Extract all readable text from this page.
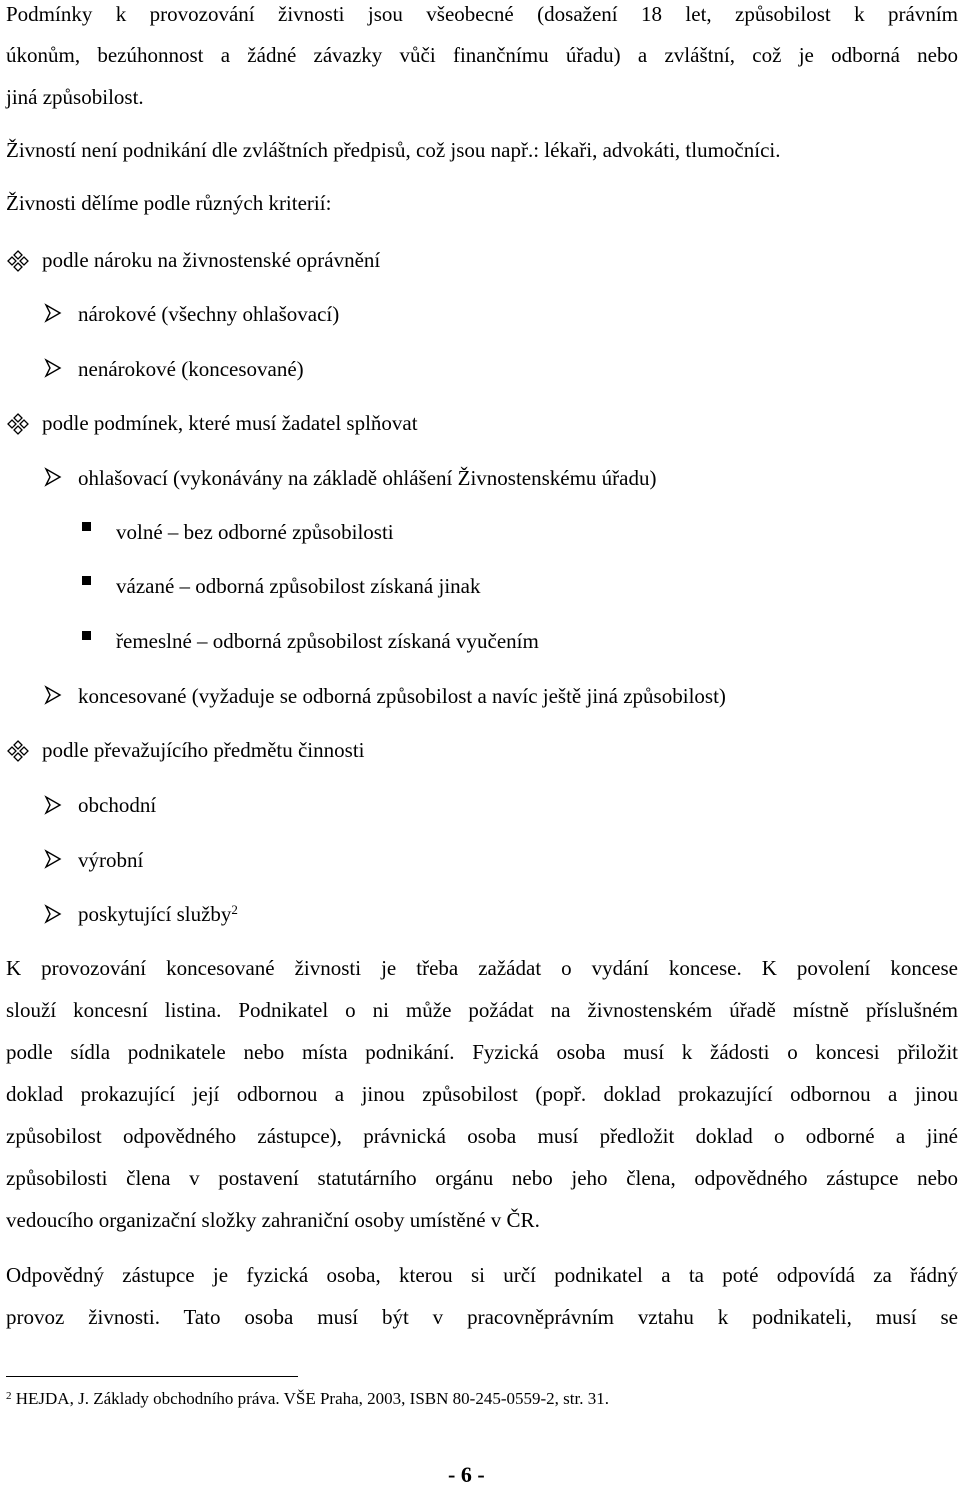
Podmínky k provozování živnosti jsou všeobecné (dosažení 18 let, způsobilost k právním
úkonům, bezúhonnost a žádné závazky vůči finančnímu úřadu) a zvláštní, což je odborná nebo
jiná způsobilost.
Živností není podnikání dle zvláštních předpisů, což jsou např.: lékaři, advokáti, tlumočníci.
Živnosti dělíme podle různých kriterií:
podle nároku na živnostenské oprávnění
nárokové (všechny ohlašovací)
nenárokové (koncesované)
podle podmínek, které musí žadatel splňovat
ohlašovací (vykonávány na základě ohlášení Živnostenskému úřadu)
volné – bez odborné způsobilosti
vázané – odborná způsobilost získaná jinak
řemeslné – odborná způsobilost získaná vyučením
koncesované (vyžaduje se odborná způsobilost a navíc ještě jiná způsobilost)
podle převažujícího předmětu činnosti
obchodní
výrobní
poskytující služby$^2$
K provozování koncesované živnosti je třeba zažádat o vydání koncese. K povolení koncese
slouží koncesní listina. Podnikatel o ni může požádat na živnostenském úřadě místně příslušném
podle sídla podnikatele nebo místa podnikání. Fyzická osoba musí k žádosti o koncesi přiložit
doklad prokazující její odbornou a jinou způsobilost (popř. doklad prokazující odbornou a jinou
způsobilost odpovědného zástupce), právnická osoba musí předložit doklad o odborné a jiné
způsobilosti člena v postavení statutárního orgánu nebo jeho člena, odpovědného zástupce nebo
vedoucího organizační složky zahraniční osoby umístěné v ČR.
Odpovědný zástupce je fyzická osoba, kterou si určí podnikatel a ta poté odpovídá za řádný
provoz živnosti. Tato osoba musí být v pracovněprávním vztahu k podnikateli, musí se
$^2$ HEJDA, J. Základy obchodního práva. VŠE Praha, 2003, ISBN 80-245-0559-2, str. 31.
- 6 -
